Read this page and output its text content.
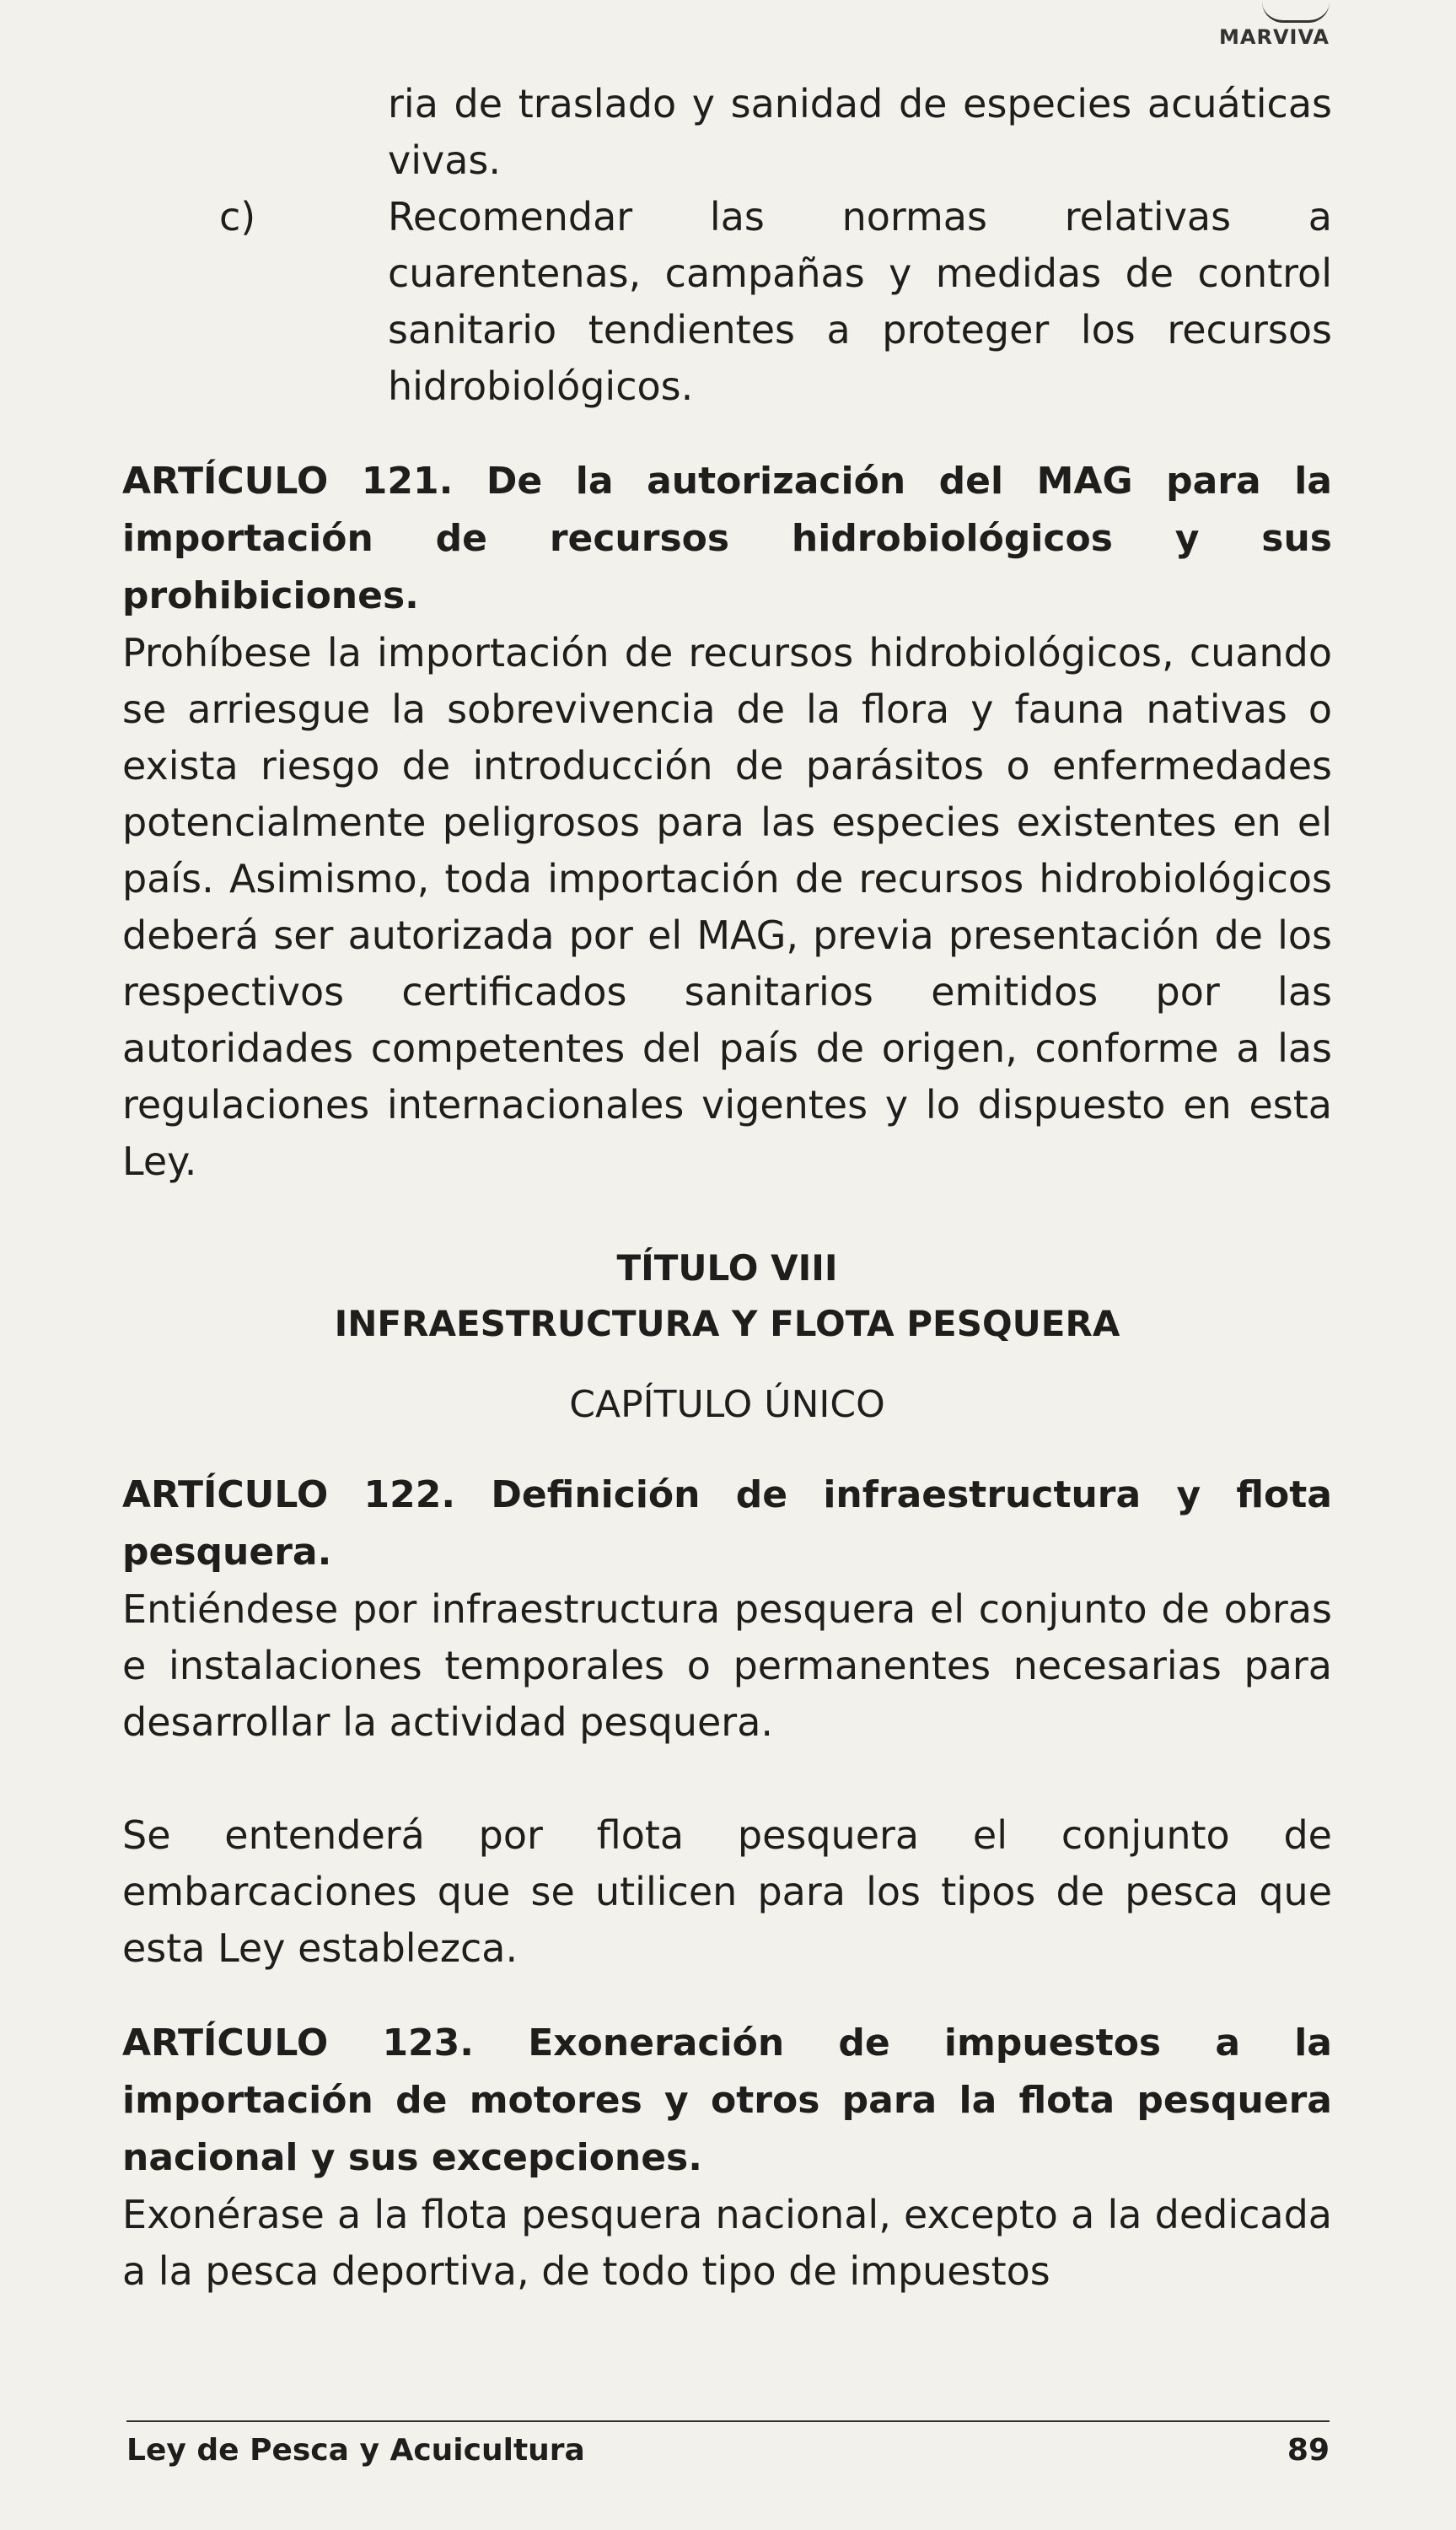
MARVIVA
ria de traslado y sanidad de especies acuáticas vivas.
c)	Recomendar las normas relativas a cuarentenas, campañas y medidas de control sanitario tendientes a proteger los recursos hidrobiológicos.
ARTÍCULO 121. De la autorización del MAG para la importación de recursos hidrobiológicos y sus prohibiciones.
Prohíbese la importación de recursos hidrobiológicos, cuando se arriesgue la sobrevivencia de la flora y fauna nativas o exista riesgo de introducción de parásitos o enfermedades potencialmente peligrosos para las especies existentes en el país. Asimismo, toda importación de recursos hidrobiológicos deberá ser autorizada por el MAG, previa presentación de los respectivos certificados sanitarios emitidos por las autoridades competentes del país de origen, conforme a las regulaciones internacionales vigentes y lo dispuesto en esta Ley.
TÍTULO VIII
INFRAESTRUCTURA Y FLOTA PESQUERA
CAPÍTULO ÚNICO
ARTÍCULO 122. Definición de infraestructura y flota pesquera.
Entiéndese por infraestructura pesquera el conjunto de obras e instalaciones temporales o permanentes necesarias para desarrollar la actividad pesquera.
Se entenderá por flota pesquera el conjunto de embarcaciones que se utilicen para los tipos de pesca que esta Ley establezca.
ARTÍCULO 123. Exoneración de impuestos a la importación de motores y otros para la flota pesquera nacional y sus excepciones.
Exonérase a la flota pesquera nacional, excepto a la dedicada a la pesca deportiva, de todo tipo de impuestos
Ley de Pesca y Acuicultura	89
